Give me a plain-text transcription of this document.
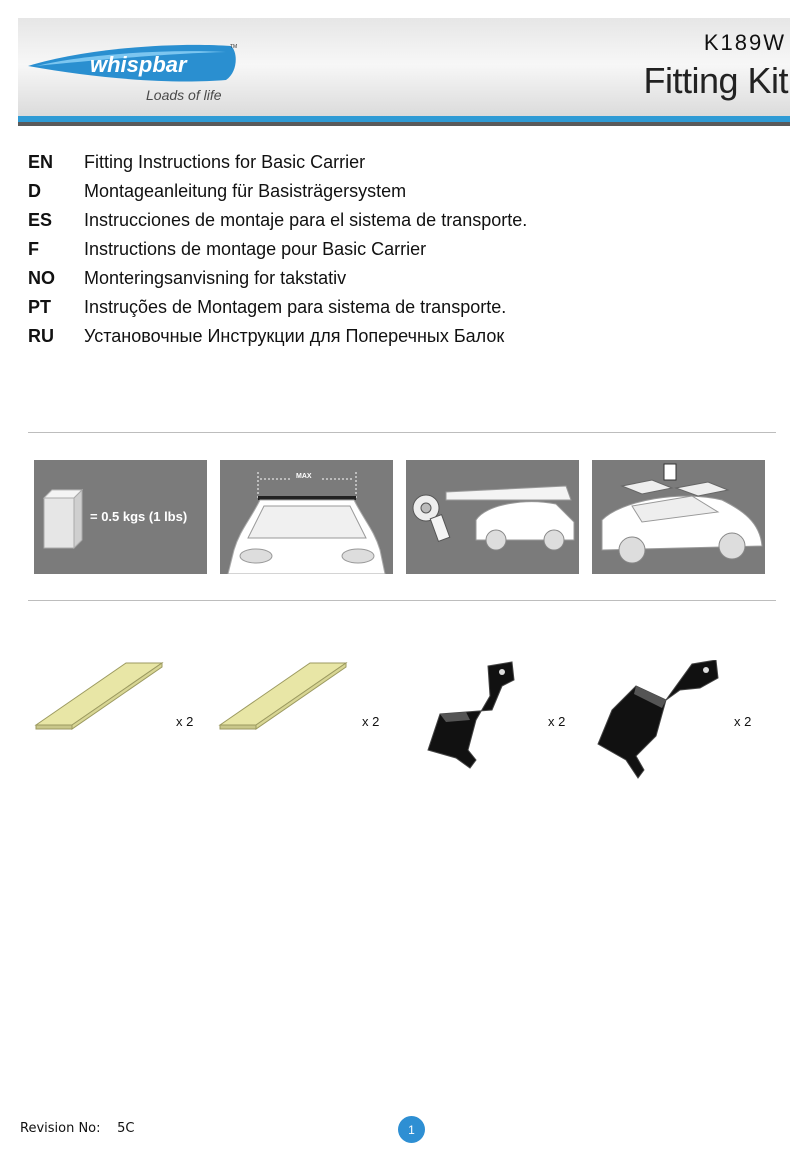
whispbar
TM
Loads of life
K189W
Fitting Kit
EN	Fitting Instructions for Basic Carrier
D	Montageanleitung für Basisträgersystem
ES	Instrucciones de montaje para el sistema de transporte.
F	Instructions de montage pour Basic Carrier
NO	Monteringsanvisning for takstativ
PT	Instruções de Montagem para sistema de transporte.
RU	Установочные Инструкции для Поперечных Балок
= 0.5 kgs (1 lbs)
MAX
x 2	x 2	x 2	x 2
Revision No: 5C	1
